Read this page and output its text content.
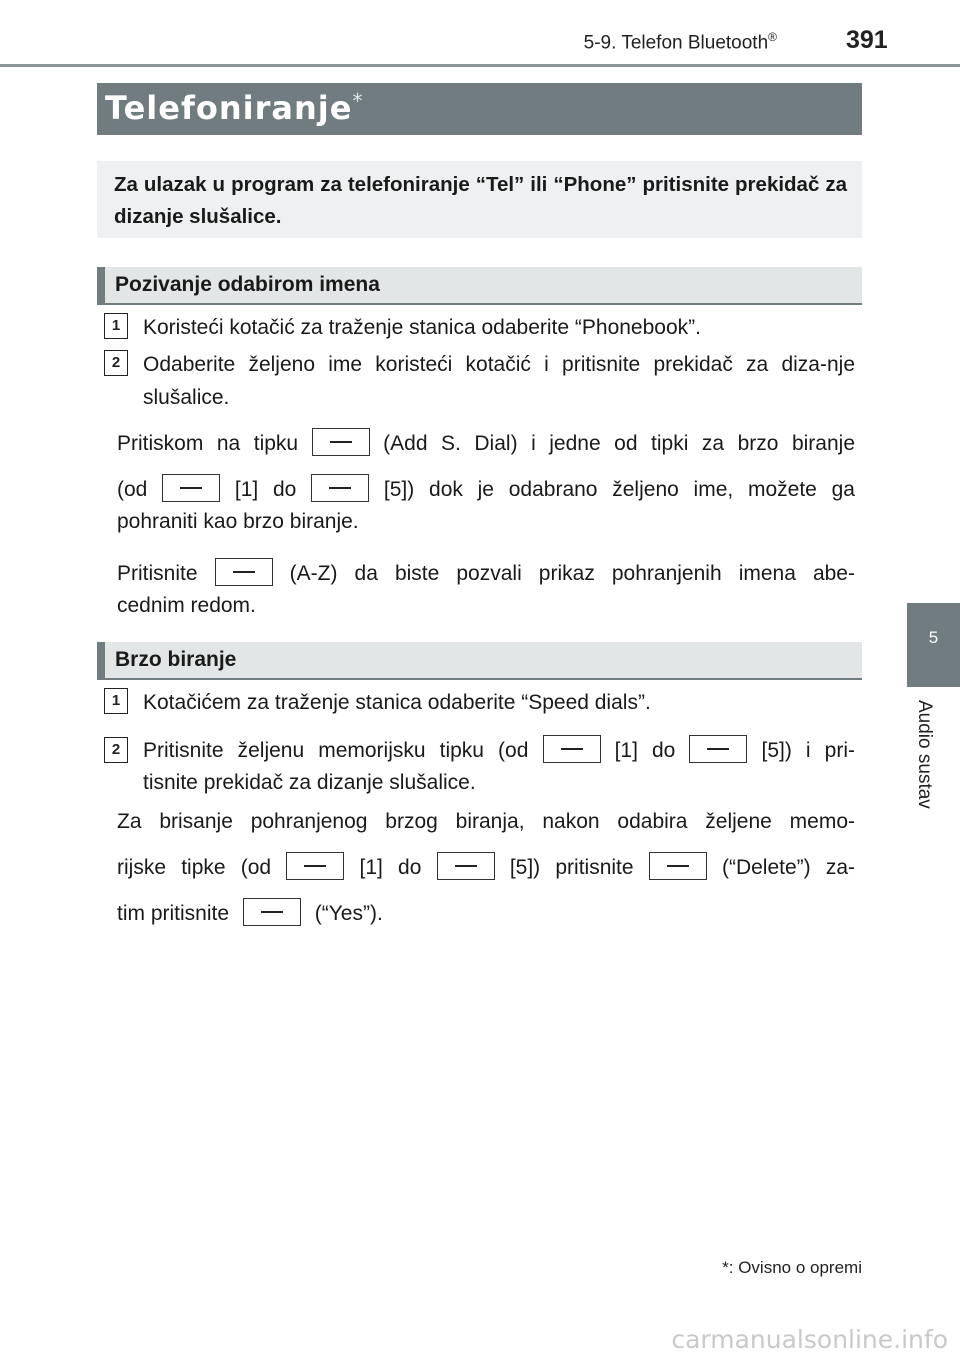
5-9. Telefon Bluetooth®	391
5
Audio sustav
Telefoniranje*
Za ulazak u program za telefoniranje “Tel” ili “Phone” pritisnite prekidač za dizanje slušalice.
Pozivanje odabirom imena
1	Koristeći kotačić za traženje stanica odaberite “Phonebook”.
2	Odaberite željeno ime koristeći kotačić i pritisnite prekidač za diza-nje slušalice.
Pritiskom na tipku	(Add S. Dial) i jedne od tipki za brzo biranje
(od	[1] do	[5]) dok je odabrano željeno ime, možete ga
pohraniti kao brzo biranje.
Pritisnite	(A-Z) da biste pozvali prikaz pohranjenih imena abe-
cednim redom.
Brzo biranje
1	Kotačićem za traženje stanica odaberite “Speed dials”.
2	Pritisnite željenu memorijsku tipku (od	[1] do	[5]) i pri-
tisnite prekidač za dizanje slušalice.
Za brisanje pohranjenog brzog biranja, nakon odabira željene memo-
rijske tipke (od	[1] do	[5]) pritisnite	(“Delete”) za-
tim pritisnite	(“Yes”).
*: Ovisno o opremi
carmanualsonline.info
